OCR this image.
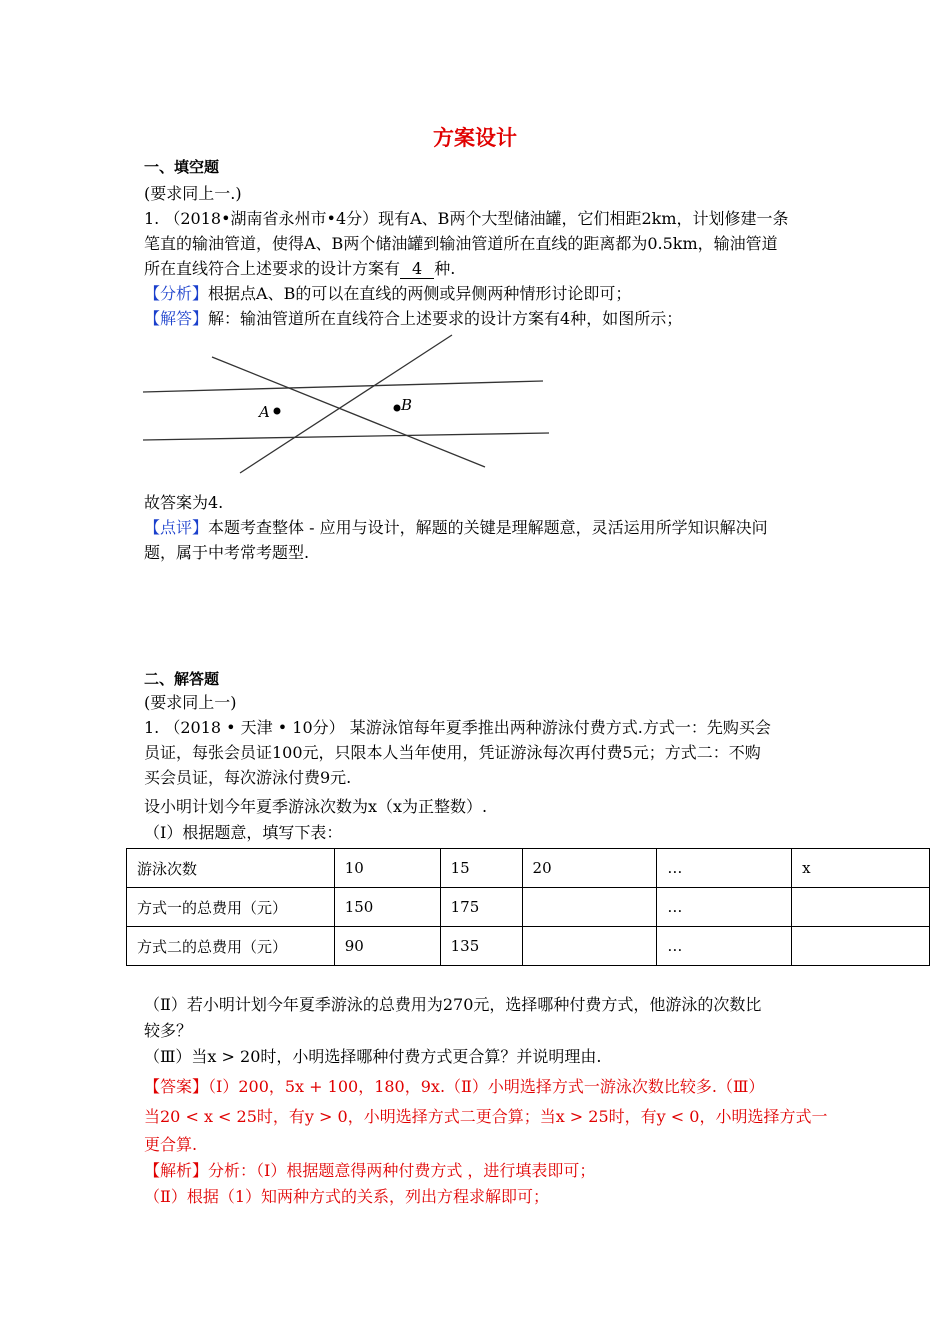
方案设计
一、填空题
(要求同上一.)
1. （2018•湖南省永州市•4分）现有A、B两个大型储油罐，它们相距2km，计划修建一条
笔直的输油管道，使得A、B两个储油罐到输油管道所在直线的距离都为0.5km，输油管道
所在直线符合上述要求的设计方案有 4 种.
【分析】根据点A、B的可以在直线的两侧或异侧两种情形讨论即可；
【解答】解：输油管道所在直线符合上述要求的设计方案有4种，如图所示；
A	B
故答案为4.
【点评】本题考查整体 - 应用与设计，解题的关键是理解题意，灵活运用所学知识解决问
题，属于中考常考题型.
二、解答题
(要求同上一)
1. （2018 • 天津 • 10分） 某游泳馆每年夏季推出两种游泳付费方式.方式一：先购买会
员证，每张会员证100元，只限本人当年使用，凭证游泳每次再付费5元；方式二：不购
买会员证，每次游泳付费9元.
设小明计划今年夏季游泳次数为x（x为正整数）.
（Ⅰ）根据题意，填写下表：
游泳次数	10	15	20	…	x
方式一的总费用（元）	150	175		…	
方式二的总费用（元）	90	135		…	
（Ⅱ）若小明计划今年夏季游泳的总费用为270元，选择哪种付费方式，他游泳的次数比
较多？
（Ⅲ）当x > 20时，小明选择哪种付费方式更合算？并说明理由.
【答案】（Ⅰ）200，5x + 100，180，9x.（Ⅱ）小明选择方式一游泳次数比较多.（Ⅲ）
当20 < x < 25时，有y > 0，小明选择方式二更合算；当x > 25时，有y < 0，小明选择方式一
更合算.
【解析】分析：（Ⅰ）根据题意得两种付费方式 ，进行填表即可；
（Ⅱ）根据（1）知两种方式的关系，列出方程求解即可；
